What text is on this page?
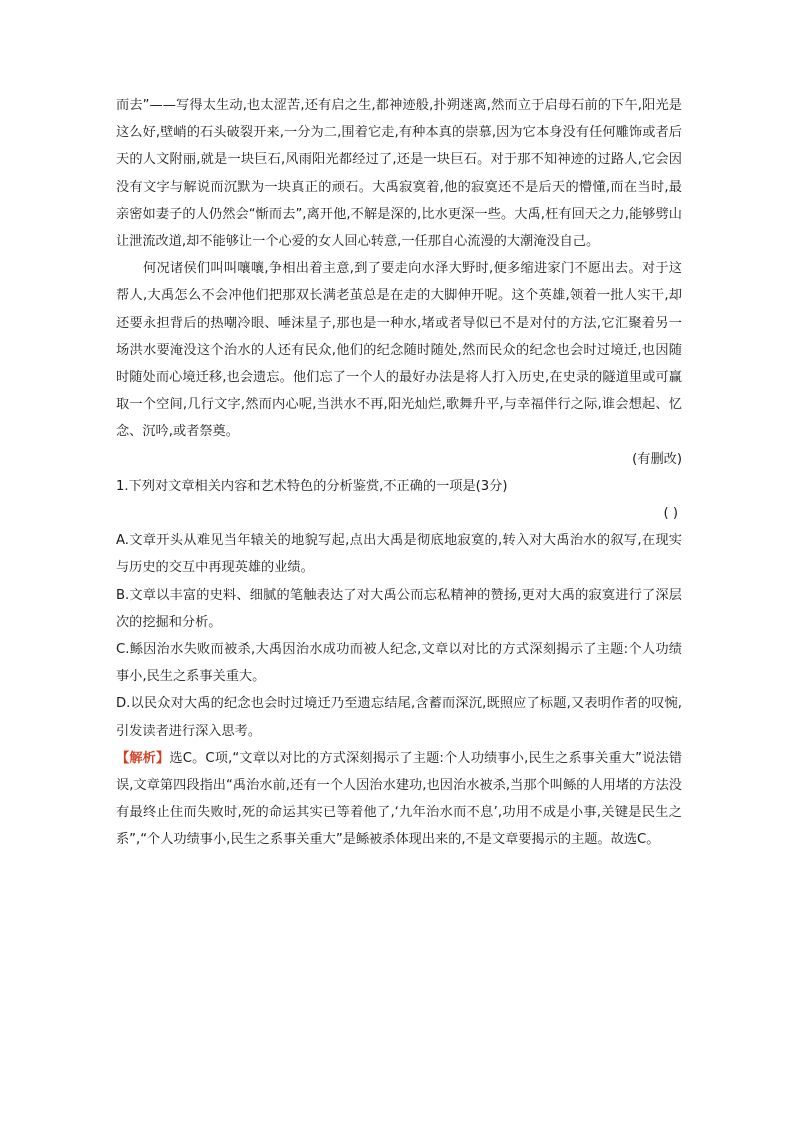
而去”——写得太生动,也太涩苦,还有启之生,都神迹般,扑朔迷离,然而立于启母石前的下午,阳光是这么好,壁峭的石头破裂开来,一分为二,围着它走,有种本真的崇慕,因为它本身没有任何雕饰或者后天的人文附丽,就是一块巨石,风雨阳光都经过了,还是一块巨石。对于那不知神迹的过路人,它会因没有文字与解说而沉默为一块真正的顽石。大禹寂寞着,他的寂寞还不是后天的懵懂,而在当时,最亲密如妻子的人仍然会“惭而去”,离开他,不解是深的,比水更深一些。大禹,枉有回天之力,能够劈山让泄流改道,却不能够让一个心爱的女人回心转意,一任那自心流漫的大潮淹没自己。

何况诸侯们叫叫嚷嚷,争相出着主意,到了要走向水泽大野时,便多缩进家门不愿出去。对于这帮人,大禹怎么不会冲他们把那双长满老茧总是在走的大脚伸开呢。这个英雄,领着一批人实干,却还要永担背后的热嘲冷眼、唾沫星子,那也是一种水,堵或者导似已不是对付的方法,它汇聚着另一场洪水要淹没这个治水的人还有民众,他们的纪念随时随处,然而民众的纪念也会时过境迁,也因随时随处而心境迁移,也会遗忘。他们忘了一个人的最好办法是将人打入历史,在史录的隧道里或可赢取一个空间,几行文字,然而内心呢,当洪水不再,阳光灿烂,歌舞升平,与幸福伴行之际,谁会想起、忆念、沉吟,或者祭奠。

(有删改)

1.下列对文章相关内容和艺术特色的分析鉴赏,不正确的一项是(3分)

( )

A.文章开头从难见当年辕关的地貌写起,点出大禹是彻底地寂寞的,转入对大禹治水的叙写,在现实与历史的交互中再现英雄的业绩。

B.文章以丰富的史料、细腻的笔触表达了对大禹公而忘私精神的赞扬,更对大禹的寂寞进行了深层次的挖掘和分析。

C.鲧因治水失败而被杀,大禹因治水成功而被人纪念,文章以对比的方式深刻揭示了主题:个人功绩事小,民生之系事关重大。

D.以民众对大禹的纪念也会时过境迁乃至遗忘结尾,含蓄而深沉,既照应了标题,又表明作者的叹惋,引发读者进行深入思考。

【解析】选C。C项,“文章以对比的方式深刻揭示了主题:个人功绩事小,民生之系事关重大”说法错误,文章第四段指出“禹治水前,还有一个人因治水建功,也因治水被杀,当那个叫鲧的人用堵的方法没有最终止住而失败时,死的命运其实已等着他了,‘九年治水而不息’,功用不成是小事,关键是民生之系”,“个人功绩事小,民生之系事关重大”是鲧被杀体现出来的,不是文章要揭示的主题。故选C。
